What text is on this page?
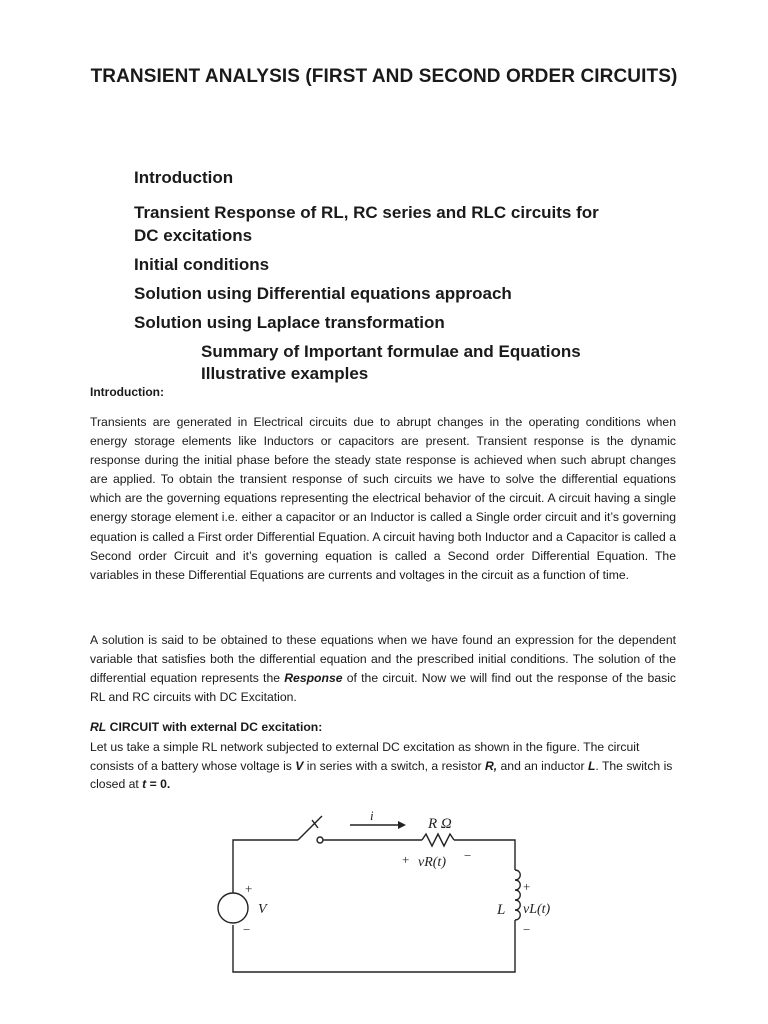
TRANSIENT ANALYSIS (FIRST AND SECOND ORDER CIRCUITS)
Introduction
Transient Response of RL, RC series and RLC circuits for DC excitations
Initial conditions
Solution using Differential equations approach
Solution using Laplace transformation
Summary of Important formulae and Equations
Illustrative examples
Introduction:
Transients are generated in Electrical circuits due to abrupt changes in the operating conditions when energy storage elements like Inductors or capacitors are present. Transient response is the dynamic response during the initial phase before the steady state response is achieved when such abrupt changes are applied. To obtain the transient response of such circuits we have to solve the differential equations which are the governing equations representing the electrical behavior of the circuit. A circuit having a single energy storage element i.e. either a capacitor or an Inductor is called a Single order circuit and it’s governing equation is called a First order Differential Equation. A circuit having both Inductor and a Capacitor is called a Second order Circuit and it’s governing equation is called a Second order Differential Equation. The variables in these Differential Equations are currents and voltages in the circuit as a function of time.
A solution is said to be obtained to these equations when we have found an expression for the dependent variable that satisfies both the differential equation and the prescribed initial conditions. The solution of the differential equation represents the Response of the circuit. Now we will find out the response of the basic RL and RC circuits with DC Excitation.
RL CIRCUIT with external DC excitation:
Let us take a simple RL network subjected to external DC excitation as shown in the figure. The circuit consists of a battery whose voltage is V in series with a switch, a resistor R, and an inductor L. The switch is closed at t = 0.
i
R Ω
+ vR(t) −
+
V
−
L
+
vL(t)
−
